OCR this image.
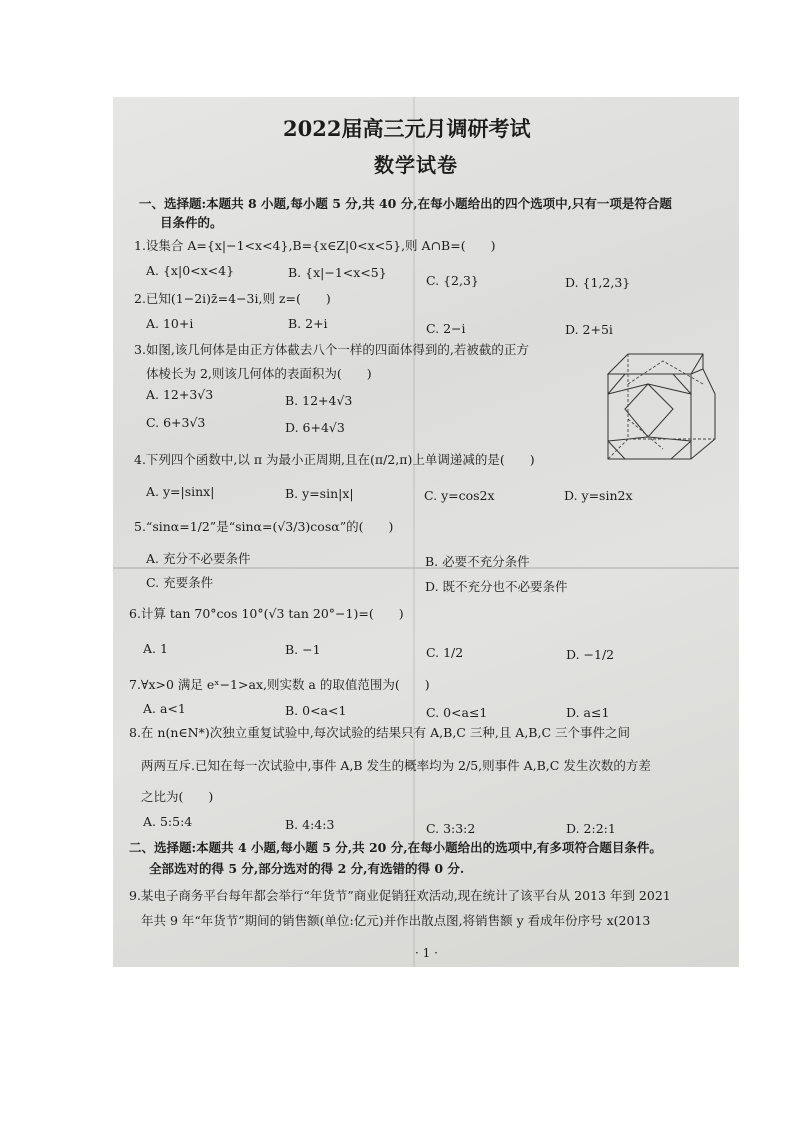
2022届高三元月调研考试
数学试卷
一、选择题:本题共 8 小题,每小题 5 分,共 40 分,在每小题给出的四个选项中,只有一项是符合题
目条件的。
1.设集合 A={x|−1<x<4},B={x∈Z|0<x<5},则 A∩B=(　　)
A. {x|0<x<4}	B. {x|−1<x<5}
C. {2,3}	D. {1,2,3}
2.已知(1−2i)z̄=4−3i,则 z=(　　)
A. 10+i	B. 2+i	C. 2−i	D. 2+5i
3.如图,该几何体是由正方体截去八个一样的四面体得到的,若被截的正方
体棱长为 2,则该几何体的表面积为(　　)
A. 12+3√3	B. 12+4√3
C. 6+3√3	D. 6+4√3
4.下列四个函数中,以 π 为最小正周期,且在(π/2,π)上单调递减的是(　　)
A. y=|sinx|	B. y=sin|x|	C. y=cos2x	D. y=sin2x
5.“sinα=1/2”是“sinα=(√3/3)cosα”的(　　)
A. 充分不必要条件	B. 必要不充分条件
C. 充要条件	D. 既不充分也不必要条件
6.计算 tan 70°cos 10°(√3 tan 20°−1)=(　　)
A. 1	B. −1	C. 1/2	D. −1/2
7.∀x>0 满足 eˣ−1>ax,则实数 a 的取值范围为(　　)
A. a<1	B. 0<a<1	C. 0<a≤1	D. a≤1
8.在 n(n∈N*)次独立重复试验中,每次试验的结果只有 A,B,C 三种,且 A,B,C 三个事件之间
两两互斥.已知在每一次试验中,事件 A,B 发生的概率均为 2/5,则事件 A,B,C 发生次数的方差
之比为(　　)
A. 5:5:4	B. 4:4:3	C. 3:3:2	D. 2:2:1
二、选择题:本题共 4 小题,每小题 5 分,共 20 分,在每小题给出的选项中,有多项符合题目条件。
全部选对的得 5 分,部分选对的得 2 分,有选错的得 0 分.
9.某电子商务平台每年都会举行“年货节”商业促销狂欢活动,现在统计了该平台从 2013 年到 2021
年共 9 年“年货节”期间的销售额(单位:亿元)并作出散点图,将销售额 y 看成年份序号 x(2013
· 1 ·
